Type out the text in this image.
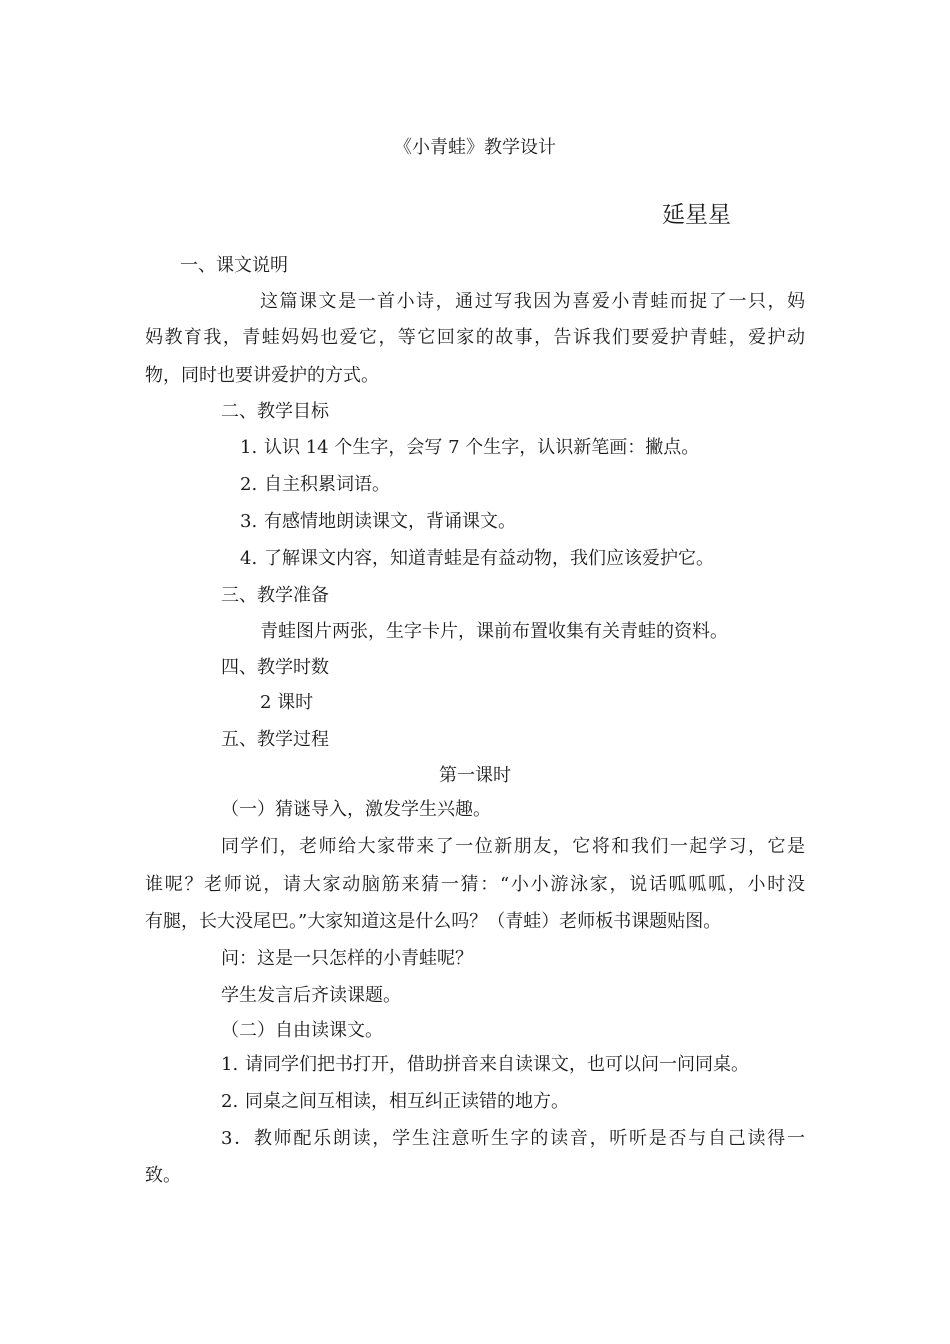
《小青蛙》教学设计
延星星
一、课文说明
这篇课文是一首小诗，通过写我因为喜爱小青蛙而捉了一只，妈
妈教育我，青蛙妈妈也爱它，等它回家的故事，告诉我们要爱护青蛙，爱护动
物，同时也要讲爱护的方式。
二、教学目标
1. 认识 14 个生字，会写 7 个生字，认识新笔画：撇点。
2. 自主积累词语。
3. 有感情地朗读课文，背诵课文。
4. 了解课文内容，知道青蛙是有益动物，我们应该爱护它。
三、教学准备
青蛙图片两张，生字卡片，课前布置收集有关青蛙的资料。
四、教学时数
2 课时
五、教学过程
第一课时
（一）猜谜导入，激发学生兴趣。
同学们，老师给大家带来了一位新朋友，它将和我们一起学习，它是
谁呢？老师说，请大家动脑筋来猜一猜：“小小游泳家，说话呱呱呱，小时没
有腿，长大没尾巴。”大家知道这是什么吗？（青蛙）老师板书课题贴图。
问：这是一只怎样的小青蛙呢？
学生发言后齐读课题。
（二）自由读课文。
1. 请同学们把书打开，借助拼音来自读课文，也可以问一问同桌。
2. 同桌之间互相读，相互纠正读错的地方。
3．教师配乐朗读，学生注意听生字的读音，听听是否与自己读得一
致。
